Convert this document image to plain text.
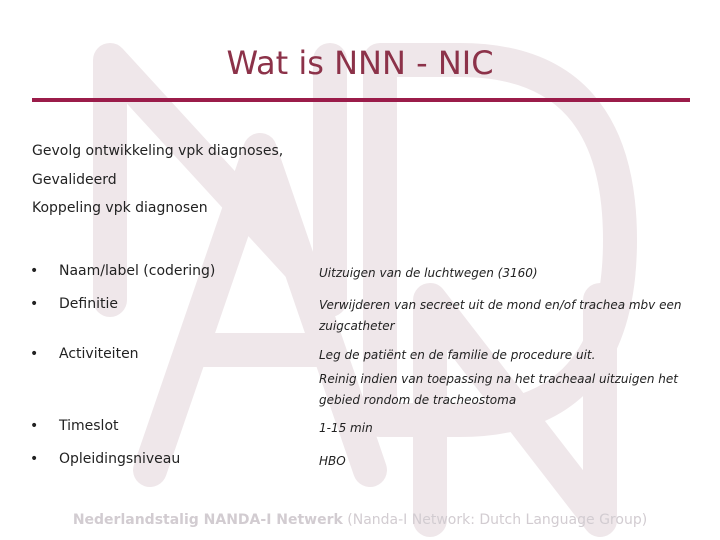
Wat is NNN - NIC
Gevolg ontwikkeling vpk diagnoses,
Gevalideerd
Koppeling vpk diagnosen
• Naam/label (codering)	Uitzuigen van de luchtwegen (3160)
• Definitie	Verwijderen van secreet uit de mond en/of trachea mbv een zuigcatheter
• Activiteiten	Leg de patiënt en de familie de procedure uit.
Reinig indien van toepassing na het tracheaal uitzuigen het gebied rondom de tracheostoma
• Timeslot	1-15 min
• Opleidingsniveau	HBO
Nederlandstalig NANDA-I Netwerk (Nanda-I Network: Dutch Language Group)
